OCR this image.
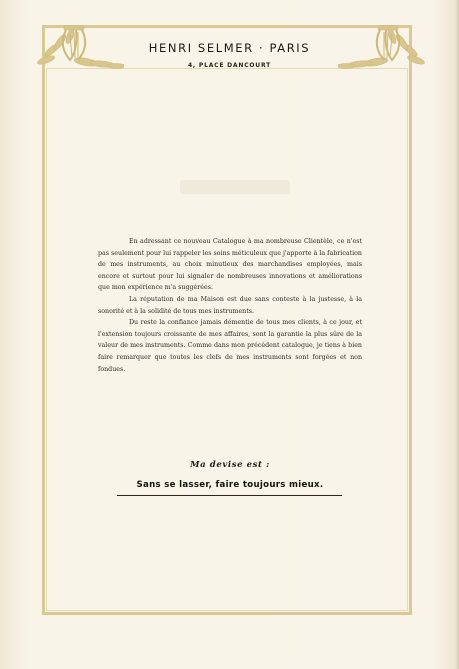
HENRI SELMER · PARIS
4, PLACE DANCOURT

En adressant ce nouveau Catalogue à ma nombreuse Clientèle, ce n'est pas seulement pour lui rappeler les soins méticuleux que j'apporte à la fabrication de mes instruments, au choix minutieux des marchandises employées, mais encore et surtout pour lui signaler de nombreuses innovations et améliorations que mon expérience m'a suggérées.

La réputation de ma Maison est due sans conteste à la justesse, à la sonorité et à la solidité de tous mes instruments.

Du reste la confiance jamais démentie de tous mes clients, à ce jour, et l'extension toujours croissante de mes affaires, sont la garantie la plus sûre de la valeur de mes instruments. Comme dans mon précédent catalogue, je tiens à bien faire remarquer que toutes les clefs de mes instruments sont forgées et non fondues.

Ma devise est :
Sans se lasser, faire toujours mieux.
